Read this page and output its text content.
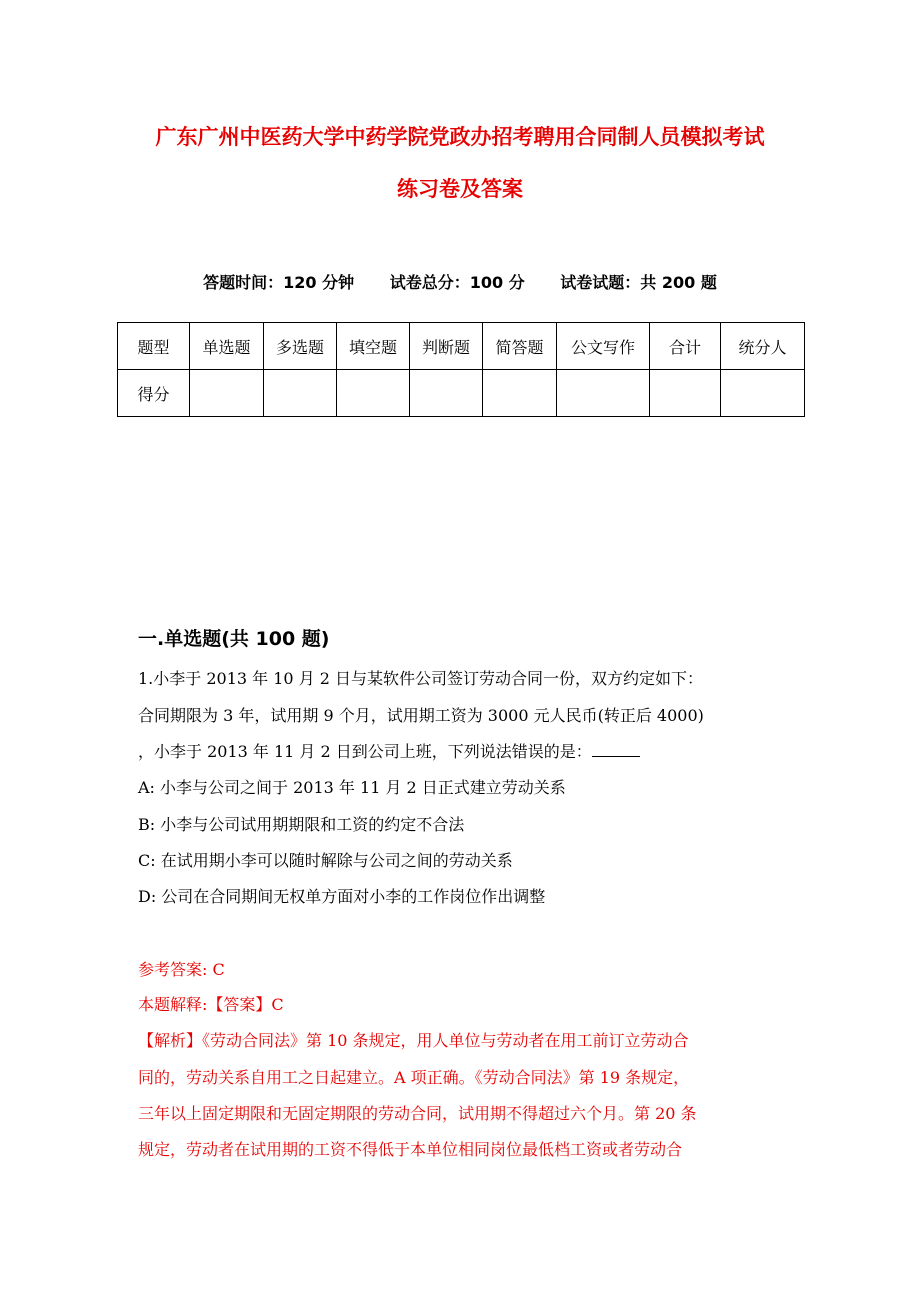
广东广州中医药大学中药学院党政办招考聘用合同制人员模拟考试
练习卷及答案
答题时间：120 分钟 试卷总分：100 分 试卷试题：共 200 题
题型	单选题	多选题	填空题	判断题	简答题	公文写作	合计	统分人
得分								
一.单选题(共 100 题)
1.小李于 2013 年 10 月 2 日与某软件公司签订劳动合同一份，双方约定如下：
合同期限为 3 年，试用期 9 个月，试用期工资为 3000 元人民币(转正后 4000)
，小李于 2013 年 11 月 2 日到公司上班，下列说法错误的是：
A: 小李与公司之间于 2013 年 11 月 2 日正式建立劳动关系
B: 小李与公司试用期期限和工资的约定不合法
C: 在试用期小李可以随时解除与公司之间的劳动关系
D: 公司在合同期间无权单方面对小李的工作岗位作出调整
参考答案: C
本题解释:【答案】C
【解析】《劳动合同法》第 10 条规定，用人单位与劳动者在用工前订立劳动合
同的，劳动关系自用工之日起建立。A 项正确。《劳动合同法》第 19 条规定，
三年以上固定期限和无固定期限的劳动合同，试用期不得超过六个月。第 20 条
规定，劳动者在试用期的工资不得低于本单位相同岗位最低档工资或者劳动合
